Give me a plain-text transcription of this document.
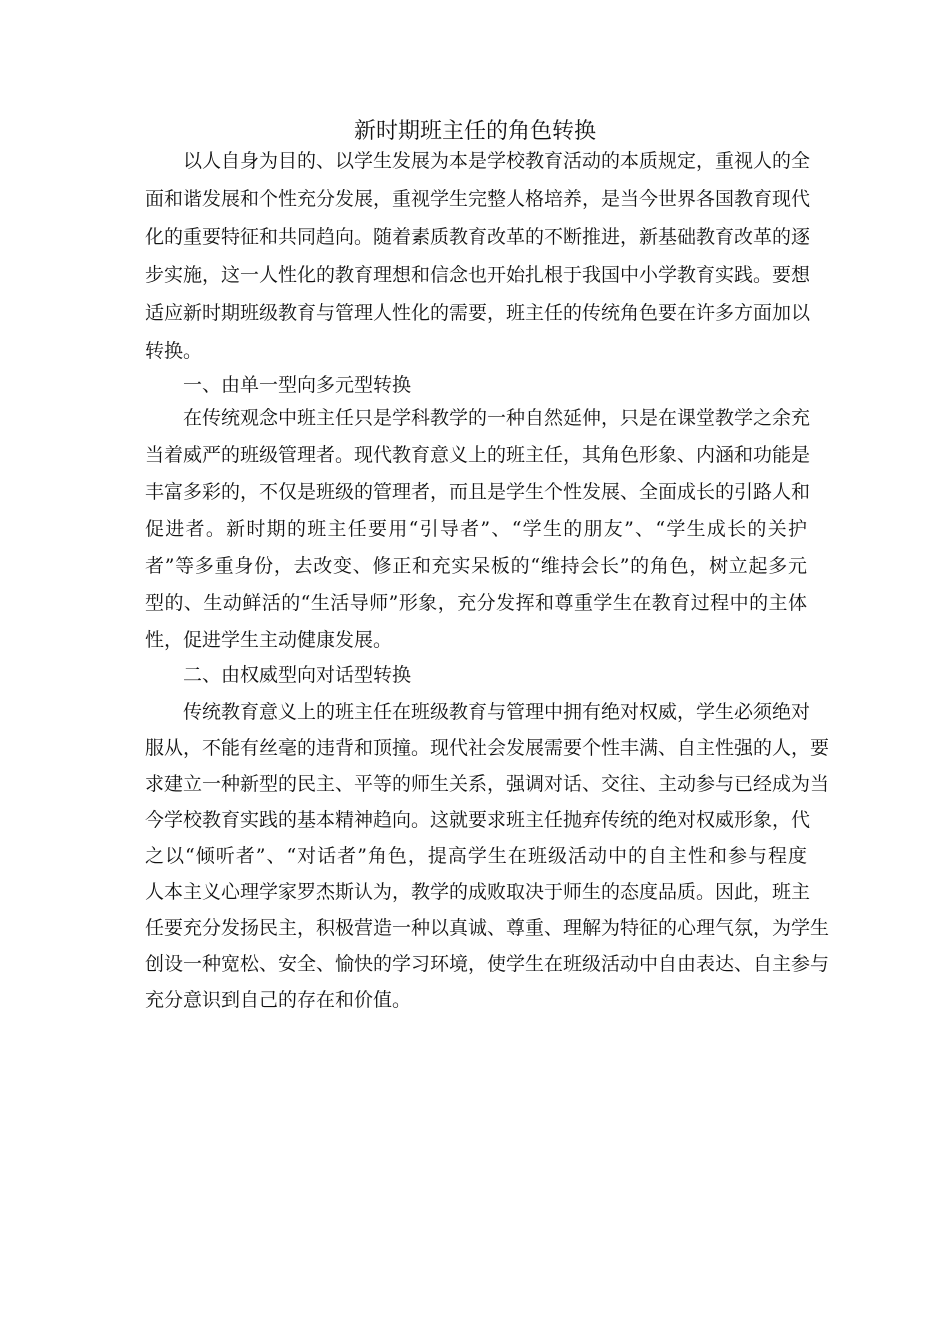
新时期班主任的角色转换
以人自身为目的、以学生发展为本是学校教育活动的本质规定，重视人的全
面和谐发展和个性充分发展，重视学生完整人格培养，是当今世界各国教育现代
化的重要特征和共同趋向。随着素质教育改革的不断推进，新基础教育改革的逐
步实施，这一人性化的教育理想和信念也开始扎根于我国中小学教育实践。要想
适应新时期班级教育与管理人性化的需要，班主任的传统角色要在许多方面加以
转换。
一、由单一型向多元型转换
在传统观念中班主任只是学科教学的一种自然延伸，只是在课堂教学之余充
当着威严的班级管理者。现代教育意义上的班主任，其角色形象、内涵和功能是
丰富多彩的，不仅是班级的管理者，而且是学生个性发展、全面成长的引路人和
促进者。新时期的班主任要用“引导者”、“学生的朋友”、“学生成长的关护
者”等多重身份，去改变、修正和充实呆板的“维持会长”的角色，树立起多元
型的、生动鲜活的“生活导师”形象，充分发挥和尊重学生在教育过程中的主体
性，促进学生主动健康发展。
二、由权威型向对话型转换
传统教育意义上的班主任在班级教育与管理中拥有绝对权威，学生必须绝对
服从，不能有丝毫的违背和顶撞。现代社会发展需要个性丰满、自主性强的人，要
求建立一种新型的民主、平等的师生关系，强调对话、交往、主动参与已经成为当
今学校教育实践的基本精神趋向。这就要求班主任抛弃传统的绝对权威形象，代
之以“倾听者”、“对话者”角色，提高学生在班级活动中的自主性和参与程度
人本主义心理学家罗杰斯认为，教学的成败取决于师生的态度品质。因此，班主
任要充分发扬民主，积极营造一种以真诚、尊重、理解为特征的心理气氛，为学生
创设一种宽松、安全、愉快的学习环境，使学生在班级活动中自由表达、自主参与
充分意识到自己的存在和价值。
